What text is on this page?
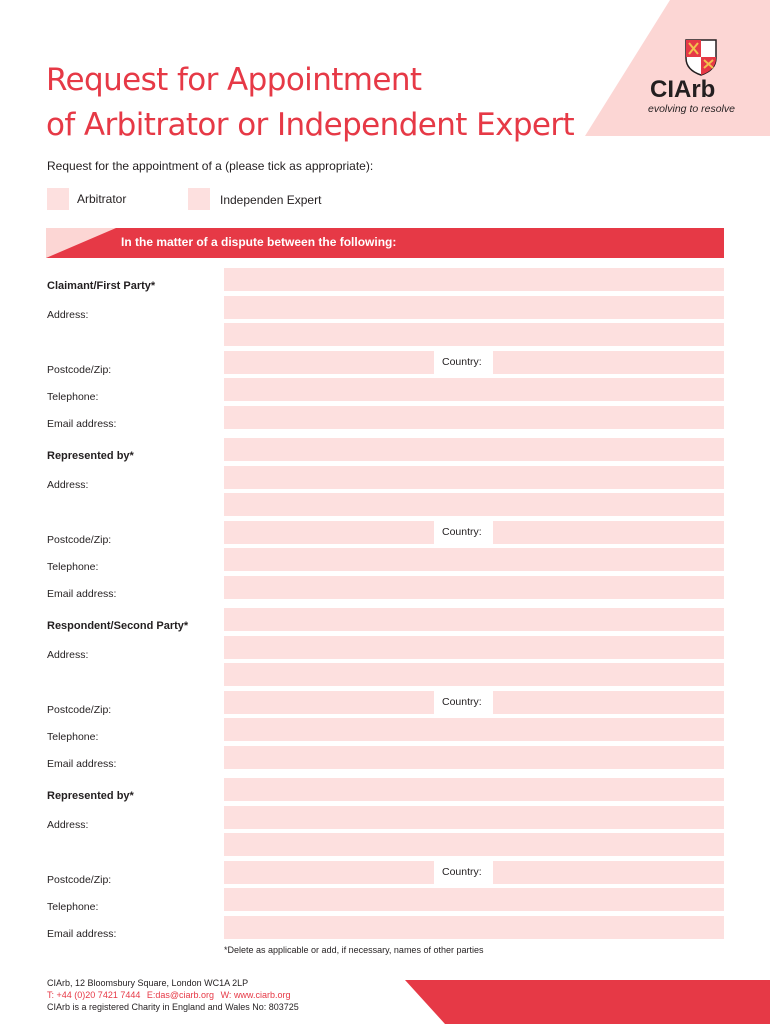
CIArb
evolving to resolve
Request for Appointment
of Arbitrator or Independent Expert
Request for the appointment of a (please tick as appropriate):
Arbitrator	Independen Expert
In the matter of a dispute between the following:
Claimant/First Party*
Country:
Address:
Postcode/Zip:
Telephone:
Email address:
Represented by*
Country:
Address:
Postcode/Zip:
Telephone:
Email address:
Respondent/Second Party*
Country:
Address:
Postcode/Zip:
Telephone:
Email address:
Represented by*
Country:
Address:
Postcode/Zip:
Telephone:
Email address:
*Delete as applicable or add, if necessary, names of other parties
CIArb, 12 Bloomsbury Square, London WC1A 2LP
T: +44 (0)20 7421 7444 E:das@ciarb.org W: www.ciarb.org
CIArb is a registered Charity in England and Wales No: 803725
